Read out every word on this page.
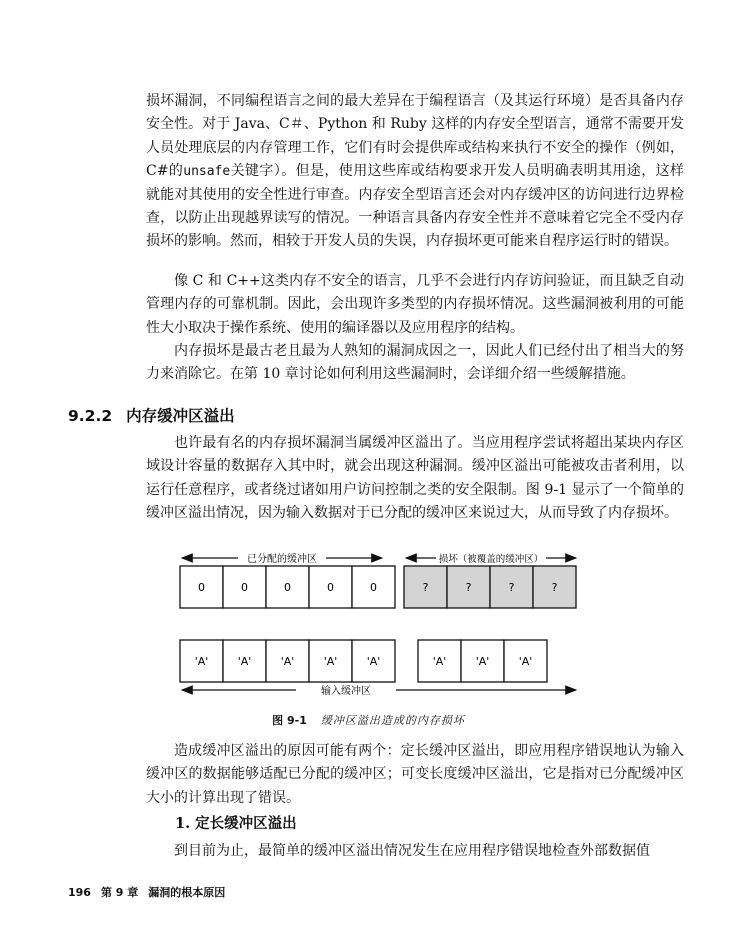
损坏漏洞，不同编程语言之间的最大差异在于编程语言（及其运行环境）是否具备内存安全性。对于 Java、C＃、Python 和 Ruby 这样的内存安全型语言，通常不需要开发人员处理底层的内存管理工作，它们有时会提供库或结构来执行不安全的操作（例如，C#的unsafe关键字）。但是，使用这些库或结构要求开发人员明确表明其用途，这样就能对其使用的安全性进行审查。内存安全型语言还会对内存缓冲区的访问进行边界检查，以防止出现越界读写的情况。一种语言具备内存安全性并不意味着它完全不受内存损坏的影响。然而，相较于开发人员的失误，内存损坏更可能来自程序运行时的错误。

像 C 和 C++这类内存不安全的语言，几乎不会进行内存访问验证，而且缺乏自动管理内存的可靠机制。因此，会出现许多类型的内存损坏情况。这些漏洞被利用的可能性大小取决于操作系统、使用的编译器以及应用程序的结构。

内存损坏是最古老且最为人熟知的漏洞成因之一，因此人们已经付出了相当大的努力来消除它。在第 10 章讨论如何利用这些漏洞时，会详细介绍一些缓解措施。

9.2.2 内存缓冲区溢出

也许最有名的内存损坏漏洞当属缓冲区溢出了。当应用程序尝试将超出某块内存区域设计容量的数据存入其中时，就会出现这种漏洞。缓冲区溢出可能被攻击者利用，以运行任意程序，或者绕过诸如用户访问控制之类的安全限制。图 9-1 显示了一个简单的缓冲区溢出情况，因为输入数据对于已分配的缓冲区来说过大，从而导致了内存损坏。

已分配的缓冲区	损坏（被覆盖的缓冲区）
0	0	0	0	0	?	?	?	?
'A'	'A'	'A'	'A'	'A'	'A'	'A'	'A'
输入缓冲区
图 9-1 缓冲区溢出造成的内存损坏

造成缓冲区溢出的原因可能有两个：定长缓冲区溢出，即应用程序错误地认为输入缓冲区的数据能够适配已分配的缓冲区；可变长度缓冲区溢出，它是指对已分配缓冲区大小的计算出现了错误。

1. 定长缓冲区溢出

到目前为止，最简单的缓冲区溢出情况发生在应用程序错误地检查外部数据值

196 第 9 章 漏洞的根本原因
